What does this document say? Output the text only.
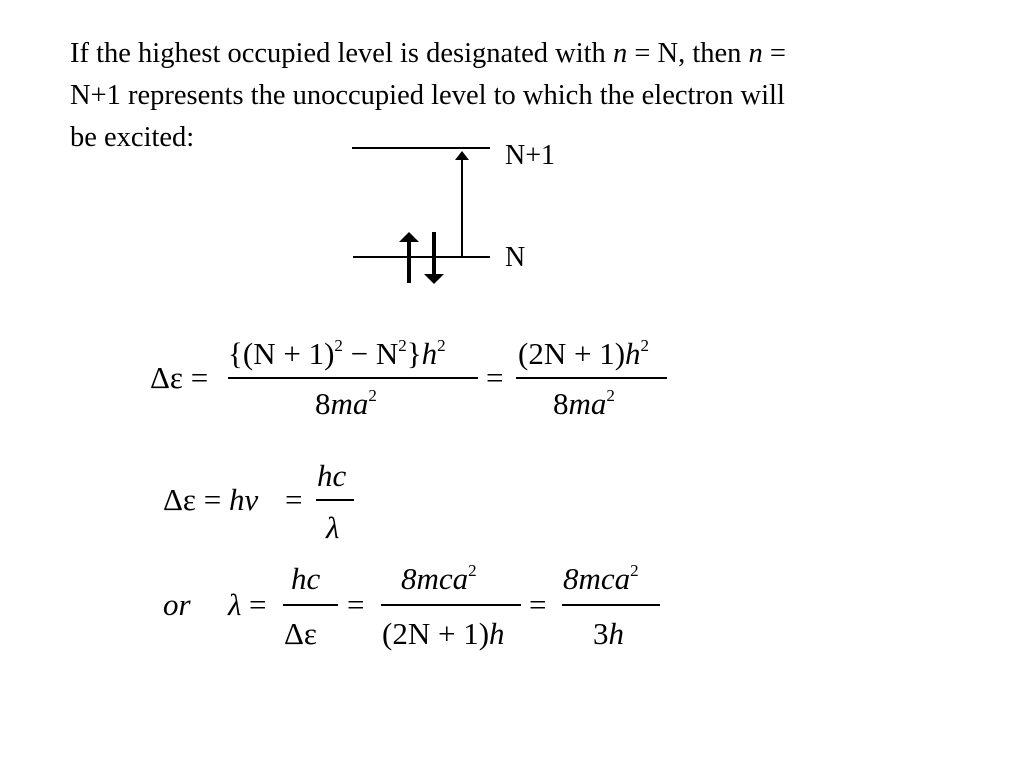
If the highest occupied level is designated with n = N, then n =
N+1 represents the unoccupied level to which the electron will
be excited:

N+1
N
Δε =
$\{(N + 1)^2 - N^2\}h^2$
$8ma^2$
=
$(2N + 1)h^2$
$8ma^2$
Δε = hν =
hc
λ
or λ =
hc
Δε
=
8mca$^2$
(2N + 1)h
=
8mca$^2$
3h
